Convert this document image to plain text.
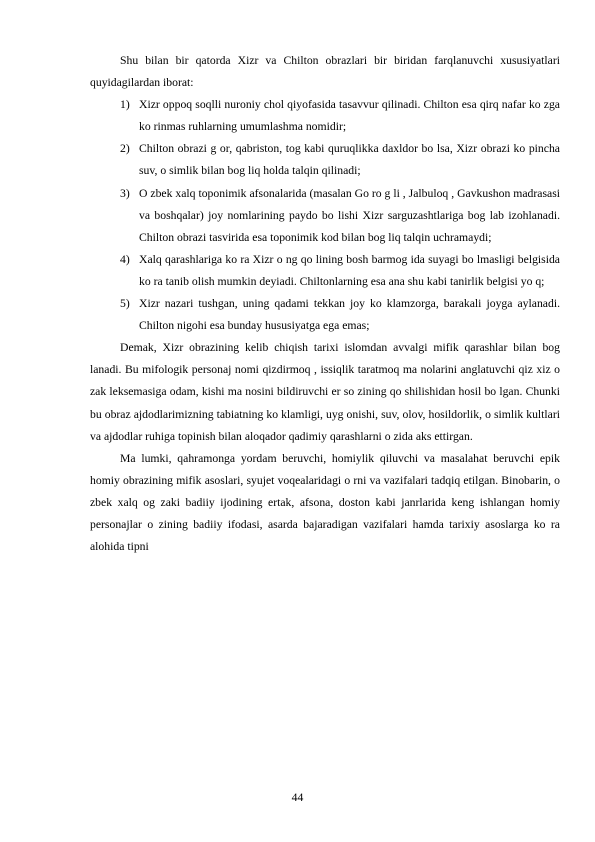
Shu bilan bir qatorda Xizr va Chilton obrazlari bir biridan farqlanuvchi xususiyatlari quyidagilardan iborat:

1) Xizr oppoq soqlli nuroniy chol qiyofasida tasavvur qilinadi. Chilton esa qirq nafar ko zga ko rinmas ruhlarning umumlashma nomidir;
2) Chilton obrazi g or, qabriston, tog kabi quruqlikka daxldor bo lsa, Xizr obrazi ko pincha suv, o simlik bilan bog liq holda talqin qilinadi;
3) O zbek xalq toponimik afsonalarida (masalan Go ro g li , Jalbuloq , Gavkushon madrasasi va boshqalar) joy nomlarining paydo bo lishi Xizr sarguzashtlariga bog lab izohlanadi. Chilton obrazi tasvirida esa toponimik kod bilan bog liq talqin uchramaydi;
4) Xalq qarashlariga ko ra Xizr o ng qo lining bosh barmog ida suyagi bo lmasligi belgisida ko ra tanib olish mumkin deyiadi. Chiltonlarning esa ana shu kabi tanirlik belgisi yo q;
5) Xizr nazari tushgan, uning qadami tekkan joy ko klamzorga, barakali joyga aylanadi. Chilton nigohi esa bunday hususiyatga ega emas;

Demak, Xizr obrazining kelib chiqish tarixi islomdan avvalgi mifik qarashlar bilan bog lanadi. Bu mifologik personaj nomi qizdirmoq , issiqlik taratmoq ma nolarini anglatuvchi qiz xiz o zak leksemasiga odam, kishi ma nosini bildiruvchi er so zining qo shilishidan hosil bo lgan. Chunki bu obraz ajdodlarimizning tabiatning ko klamligi, uyg onishi, suv, olov, hosildorlik, o simlik kultlari va ajdodlar ruhiga topinish bilan aloqador qadimiy qarashlarni o zida aks ettirgan.

Ma lumki, qahramonga yordam beruvchi, homiylik qiluvchi va masalahat beruvchi epik homiy obrazining mifik asoslari, syujet voqealaridagi o rni va vazifalari tadqiq etilgan. Binobarin, o zbek xalq og zaki badiiy ijodining ertak, afsona, doston kabi janrlarida keng ishlangan homiy personajlar o zining badiiy ifodasi, asarda bajaradigan vazifalari hamda tarixiy asoslarga ko ra alohida tipni

44
